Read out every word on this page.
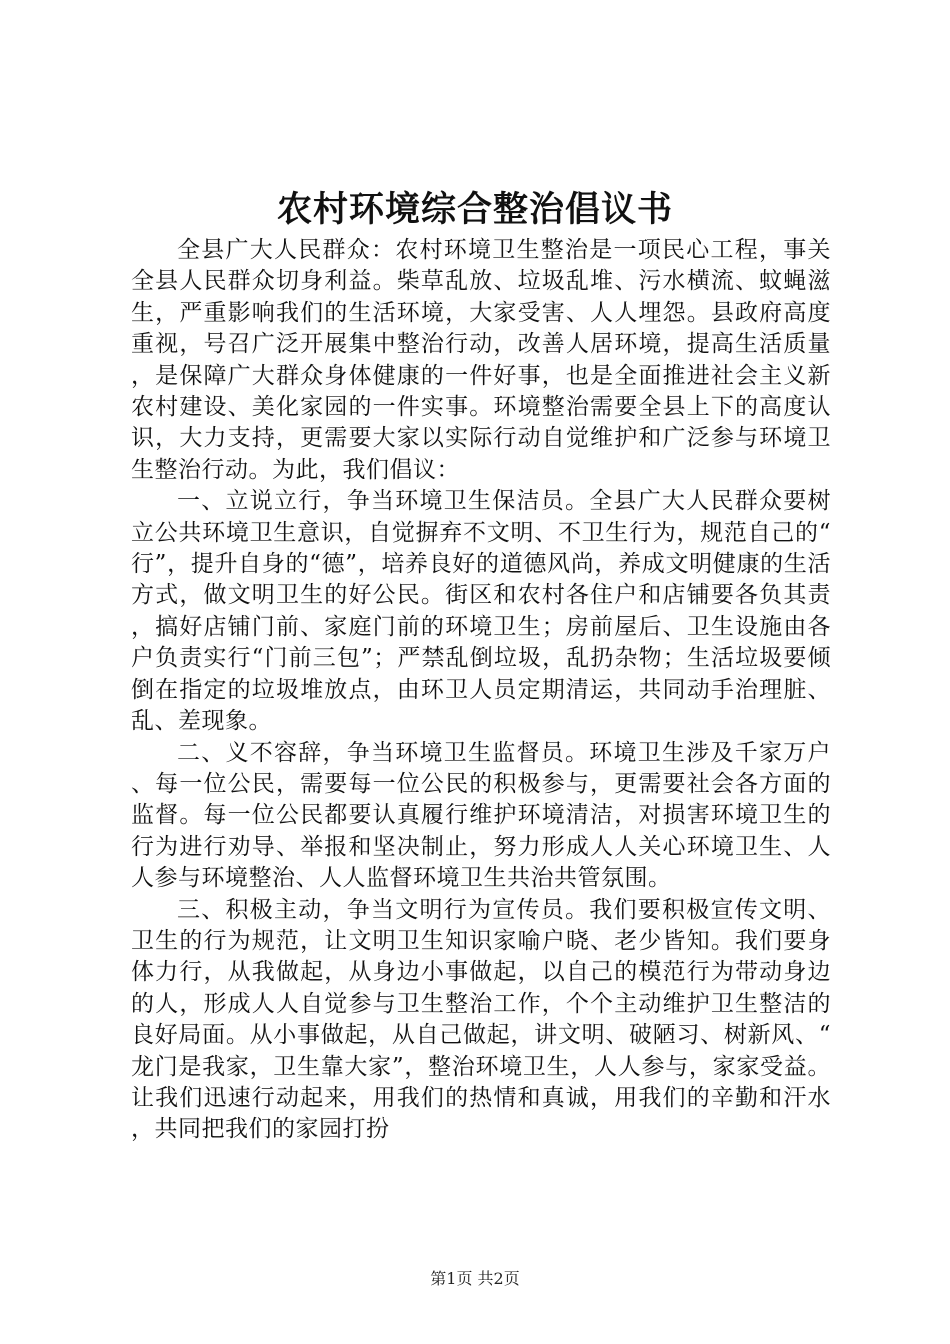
农村环境综合整治倡议书

全县广大人民群众：农村环境卫生整治是一项民心工程，事关全县人民群众切身利益。柴草乱放、垃圾乱堆、污水横流、蚊蝇滋生，严重影响我们的生活环境，大家受害、人人埋怨。县政府高度重视，号召广泛开展集中整治行动，改善人居环境，提高生活质量，是保障广大群众身体健康的一件好事，也是全面推进社会主义新农村建设、美化家园的一件实事。环境整治需要全县上下的高度认识，大力支持，更需要大家以实际行动自觉维护和广泛参与环境卫生整治行动。为此，我们倡议：

一、立说立行，争当环境卫生保洁员。全县广大人民群众要树立公共环境卫生意识，自觉摒弃不文明、不卫生行为，规范自己的“行”，提升自身的“德”，培养良好的道德风尚，养成文明健康的生活方式，做文明卫生的好公民。街区和农村各住户和店铺要各负其责，搞好店铺门前、家庭门前的环境卫生；房前屋后、卫生设施由各户负责实行“门前三包”；严禁乱倒垃圾，乱扔杂物；生活垃圾要倾倒在指定的垃圾堆放点，由环卫人员定期清运，共同动手治理脏、乱、差现象。

二、义不容辞，争当环境卫生监督员。环境卫生涉及千家万户、每一位公民，需要每一位公民的积极参与，更需要社会各方面的监督。每一位公民都要认真履行维护环境清洁，对损害环境卫生的行为进行劝导、举报和坚决制止，努力形成人人关心环境卫生、人人参与环境整治、人人监督环境卫生共治共管氛围。

三、积极主动，争当文明行为宣传员。我们要积极宣传文明、卫生的行为规范，让文明卫生知识家喻户晓、老少皆知。我们要身体力行，从我做起，从身边小事做起，以自己的模范行为带动身边的人，形成人人自觉参与卫生整治工作，个个主动维护卫生整洁的良好局面。从小事做起，从自己做起，讲文明、破陋习、树新风、“龙门是我家，卫生靠大家”，整治环境卫生，人人参与，家家受益。让我们迅速行动起来，用我们的热情和真诚，用我们的辛勤和汗水，共同把我们的家园打扮

第1页 共2页
